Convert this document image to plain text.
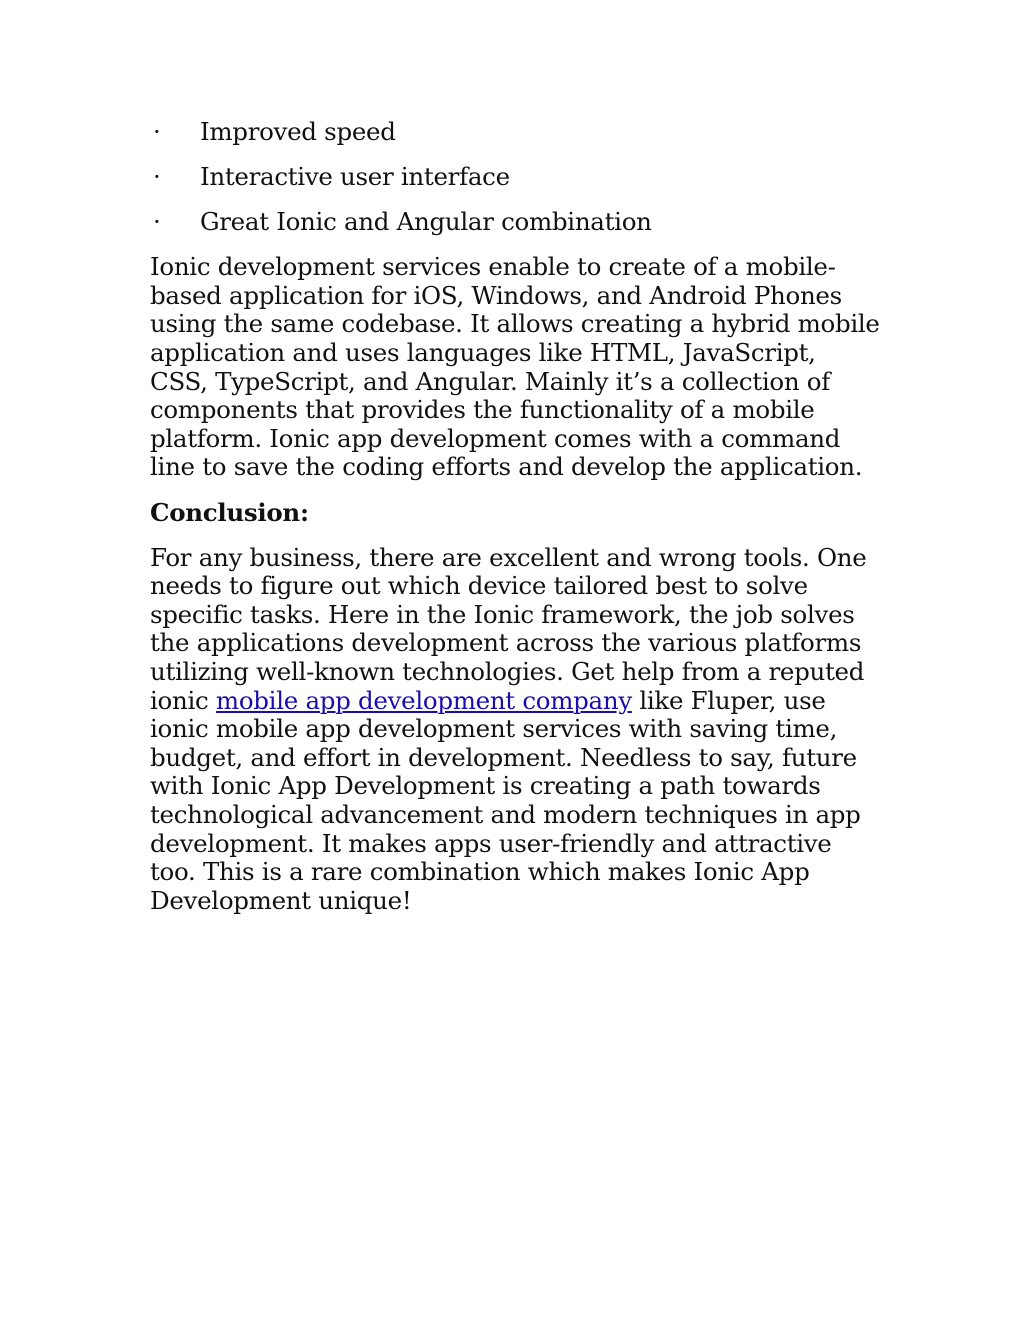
· Improved speed
· Interactive user interface
· Great Ionic and Angular combination

Ionic development services enable to create of a mobile-based application for iOS, Windows, and Android Phones using the same codebase. It allows creating a hybrid mobile application and uses languages like HTML, JavaScript, CSS, TypeScript, and Angular. Mainly it’s a collection of components that provides the functionality of a mobile platform. Ionic app development comes with a command line to save the coding efforts and develop the application.

Conclusion:

For any business, there are excellent and wrong tools. One needs to figure out which device tailored best to solve specific tasks. Here in the Ionic framework, the job solves the applications development across the various platforms utilizing well-known technologies. Get help from a reputed ionic mobile app development company like Fluper, use ionic mobile app development services with saving time, budget, and effort in development. Needless to say, future with Ionic App Development is creating a path towards technological advancement and modern techniques in app development. It makes apps user-friendly and attractive too. This is a rare combination which makes Ionic App Development unique!
